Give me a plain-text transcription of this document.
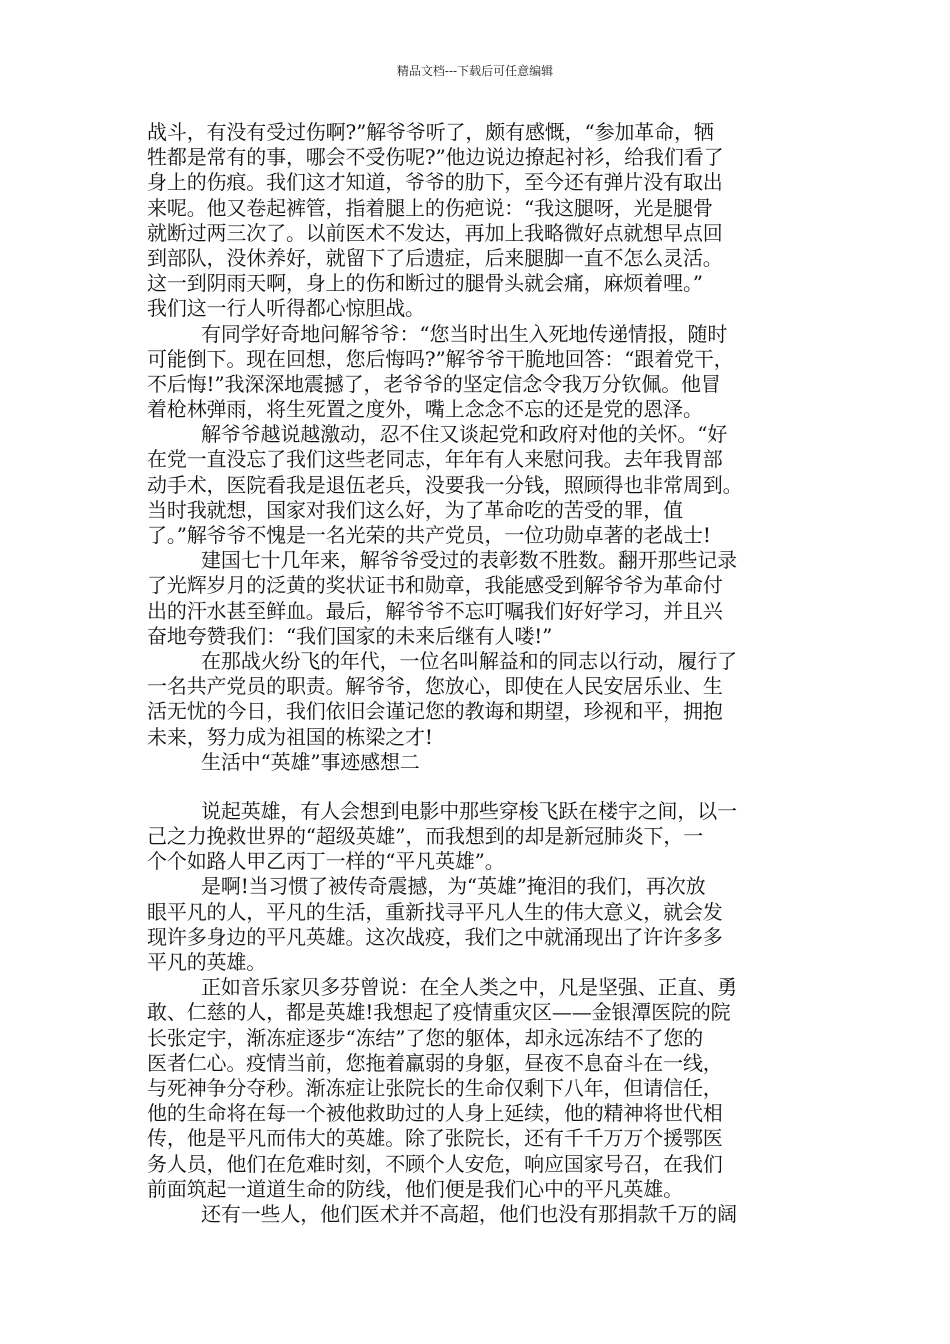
精品文档---下载后可任意编辑
战斗，有没有受过伤啊?”解爷爷听了，颇有感慨，“参加革命，牺
牲都是常有的事，哪会不受伤呢?”他边说边撩起衬衫，给我们看了
身上的伤痕。我们这才知道，爷爷的肋下，至今还有弹片没有取出
来呢。他又卷起裤管，指着腿上的伤疤说：“我这腿呀，光是腿骨
就断过两三次了。以前医术不发达，再加上我略微好点就想早点回
到部队，没休养好，就留下了后遗症，后来腿脚一直不怎么灵活。
这一到阴雨天啊，身上的伤和断过的腿骨头就会痛，麻烦着哩。”
我们这一行人听得都心惊胆战。
有同学好奇地问解爷爷：“您当时出生入死地传递情报，随时
可能倒下。现在回想，您后悔吗?”解爷爷干脆地回答：“跟着党干，
不后悔!”我深深地震撼了，老爷爷的坚定信念令我万分钦佩。他冒
着枪林弹雨，将生死置之度外，嘴上念念不忘的还是党的恩泽。
解爷爷越说越激动，忍不住又谈起党和政府对他的关怀。“好
在党一直没忘了我们这些老同志，年年有人来慰问我。去年我胃部
动手术，医院看我是退伍老兵，没要我一分钱，照顾得也非常周到。
当时我就想，国家对我们这么好，为了革命吃的苦受的罪，值
了。”解爷爷不愧是一名光荣的共产党员，一位功勋卓著的老战士!
建国七十几年来，解爷爷受过的表彰数不胜数。翻开那些记录
了光辉岁月的泛黄的奖状证书和勋章，我能感受到解爷爷为革命付
出的汗水甚至鲜血。最后，解爷爷不忘叮嘱我们好好学习，并且兴
奋地夸赞我们：“我们国家的未来后继有人喽!”
在那战火纷飞的年代，一位名叫解益和的同志以行动，履行了
一名共产党员的职责。解爷爷，您放心，即使在人民安居乐业、生
活无忧的今日，我们依旧会谨记您的教诲和期望，珍视和平，拥抱
未来，努力成为祖国的栋梁之才!
生活中“英雄”事迹感想二
说起英雄，有人会想到电影中那些穿梭飞跃在楼宇之间，以一
己之力挽救世界的“超级英雄”，而我想到的却是新冠肺炎下，一
个个如路人甲乙丙丁一样的“平凡英雄”。
是啊!当习惯了被传奇震撼，为“英雄”掩泪的我们，再次放
眼平凡的人，平凡的生活，重新找寻平凡人生的伟大意义，就会发
现许多身边的平凡英雄。这次战疫，我们之中就涌现出了许许多多
平凡的英雄。
正如音乐家贝多芬曾说：在全人类之中，凡是坚强、正直、勇
敢、仁慈的人，都是英雄!我想起了疫情重灾区——金银潭医院的院
长张定宇，渐冻症逐步“冻结”了您的躯体，却永远冻结不了您的
医者仁心。疫情当前，您拖着羸弱的身躯，昼夜不息奋斗在一线，
与死神争分夺秒。渐冻症让张院长的生命仅剩下八年，但请信任，
他的生命将在每一个被他救助过的人身上延续，他的精神将世代相
传，他是平凡而伟大的英雄。除了张院长，还有千千万万个援鄂医
务人员，他们在危难时刻，不顾个人安危，响应国家号召，在我们
前面筑起一道道生命的防线，他们便是我们心中的平凡英雄。
还有一些人，他们医术并不高超，他们也没有那捐款千万的阔
